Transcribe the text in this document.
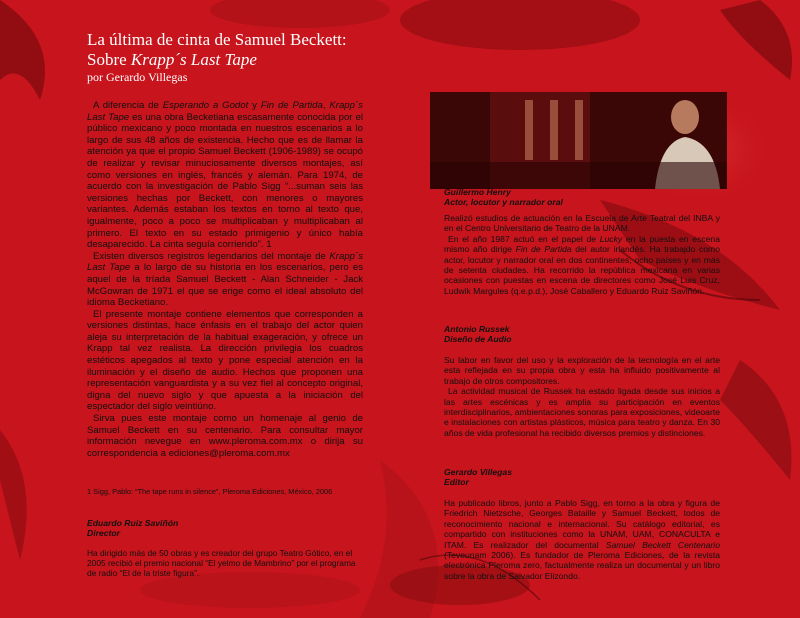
La última de cinta de Samuel Beckett:
Sobre Krapp´s Last Tape

por Gerardo Villegas

A diferencia de Esperando a Godot y Fin de Partida, Krapp´s Last Tape es una obra Becketiana escasamente conocida por el público mexicano y poco montada en nuestros escenarios a lo largo de sus 48 años de existencia. Hecho que es de llamar la atención ya que el propio Samuel Beckett (1906-1989) se ocupó de realizar y revisar minuciosamente diversos montajes, así como versiones en inglés, francés y alemán. Para 1974, de acuerdo con la investigación de Pablo Sigg “...suman seis las versiones hechas por Beckett, con menores o mayores variantes. Además estaban los textos en torno al texto que, igualmente, poco a poco se multiplicaban y multiplicaban al primero. El texto en su estado primigenio y único había desaparecido. La cinta seguía corriendo”. 1

Existen diversos registros legendarios del montaje de Krapp´s Last Tape a lo largo de su historia en los escenarios, pero es aquel de la tríada Samuel Beckett - Alan Schneider - Jack McGowran de 1971 el que se erige como el ideal absoluto del idioma Becketiano.

El presente montaje contiene elementos que corresponden a versiones distintas, hace énfasis en el trabajo del actor quien aleja su interpretación de la habitual exageración, y ofrece un Krapp tal vez realista. La dirección privilegia los cuadros estéticos apegados al texto y pone especial atención en la iluminación y el diseño de audio. Hechos que proponen una representación vanguardista y a su vez fiel al concepto original, digna del nuevo siglo y que apuesta a la iniciación del espectador del siglo veintiúno.

Sirva pues este montaje como un homenaje al genio de Samuel Beckett en su centenario. Para consultar mayor información nevegue en www.pleroma.com.mx o dirija su correspondencia a ediciones@pleroma.com.mx

1 Sigg, Pablo: “The tape runs in silence”, Pleroma Ediciones, México, 2006

Eduardo Ruiz Saviñón

Director

Ha dirigido más de 50 obras y es creador del grupo Teatro Gótico, en el 2005 recibió el premio nacional “El yelmo de Mambrino” por el programa de radio “El de la triste figura”.

Guillermo Henry

Actor, locutor y narrador oral

Realizó estudios de actuación en la Escuela de Arte Teatral del INBA y en el Centro Universitario de Teatro de la UNAM.

En el año 1987 actuó en el papel de Lucky en la puesta en escena mismo año dirige Fin de Partida del autor irlandés. Ha trabajdo como actor, locutor y narrador oral en dos continentes, ocho países y en más de setenta ciudades. Ha recorrido la república mexicana en varias ocasiones con puestas en escena de directores como José Luis Cruz, Ludwik Margules (q.e.p.d.), José Caballero y Eduardo Ruiz Saviñón.

Antonio Russek

Diseño de Audio

Su labor en favor del uso y la exploración de la tecnología en el arte esta reflejada en su propia obra y esta ha influido positivamente al trabajo de otros compositores.

La actividad musical de Russek ha estado ligada desde sus inicios a las artes escénicas y es amplia su participación en eventos interdisciplinarios, ambientaciones sonoras para exposiciones, videoarte e instalaciones con artistas plásticos, música para teatro y danza. En 30 años de vida profesional ha recibido diversos premios y distinciones.

Gerardo Villegas

Editor

Ha publicado libros, junto a Pablo Sigg, en torno a la obra y figura de Friedrich Nietzsche, Georges Bataille y Samuel Beckett, todos de reconocimiento nacional e internacional. Su catálogo editorial, es compartido con instituciones como la UNAM, UAM, CONACULTA e ITAM. Es realizador del documental Samuel Beckett Centenario (Teveunam 2006). Es fundador de Pleroma Ediciones, de la revista electrónica Pleroma zero, factualmente realiza un documental y un libro sobre la obra de Salvador Elizondo.
